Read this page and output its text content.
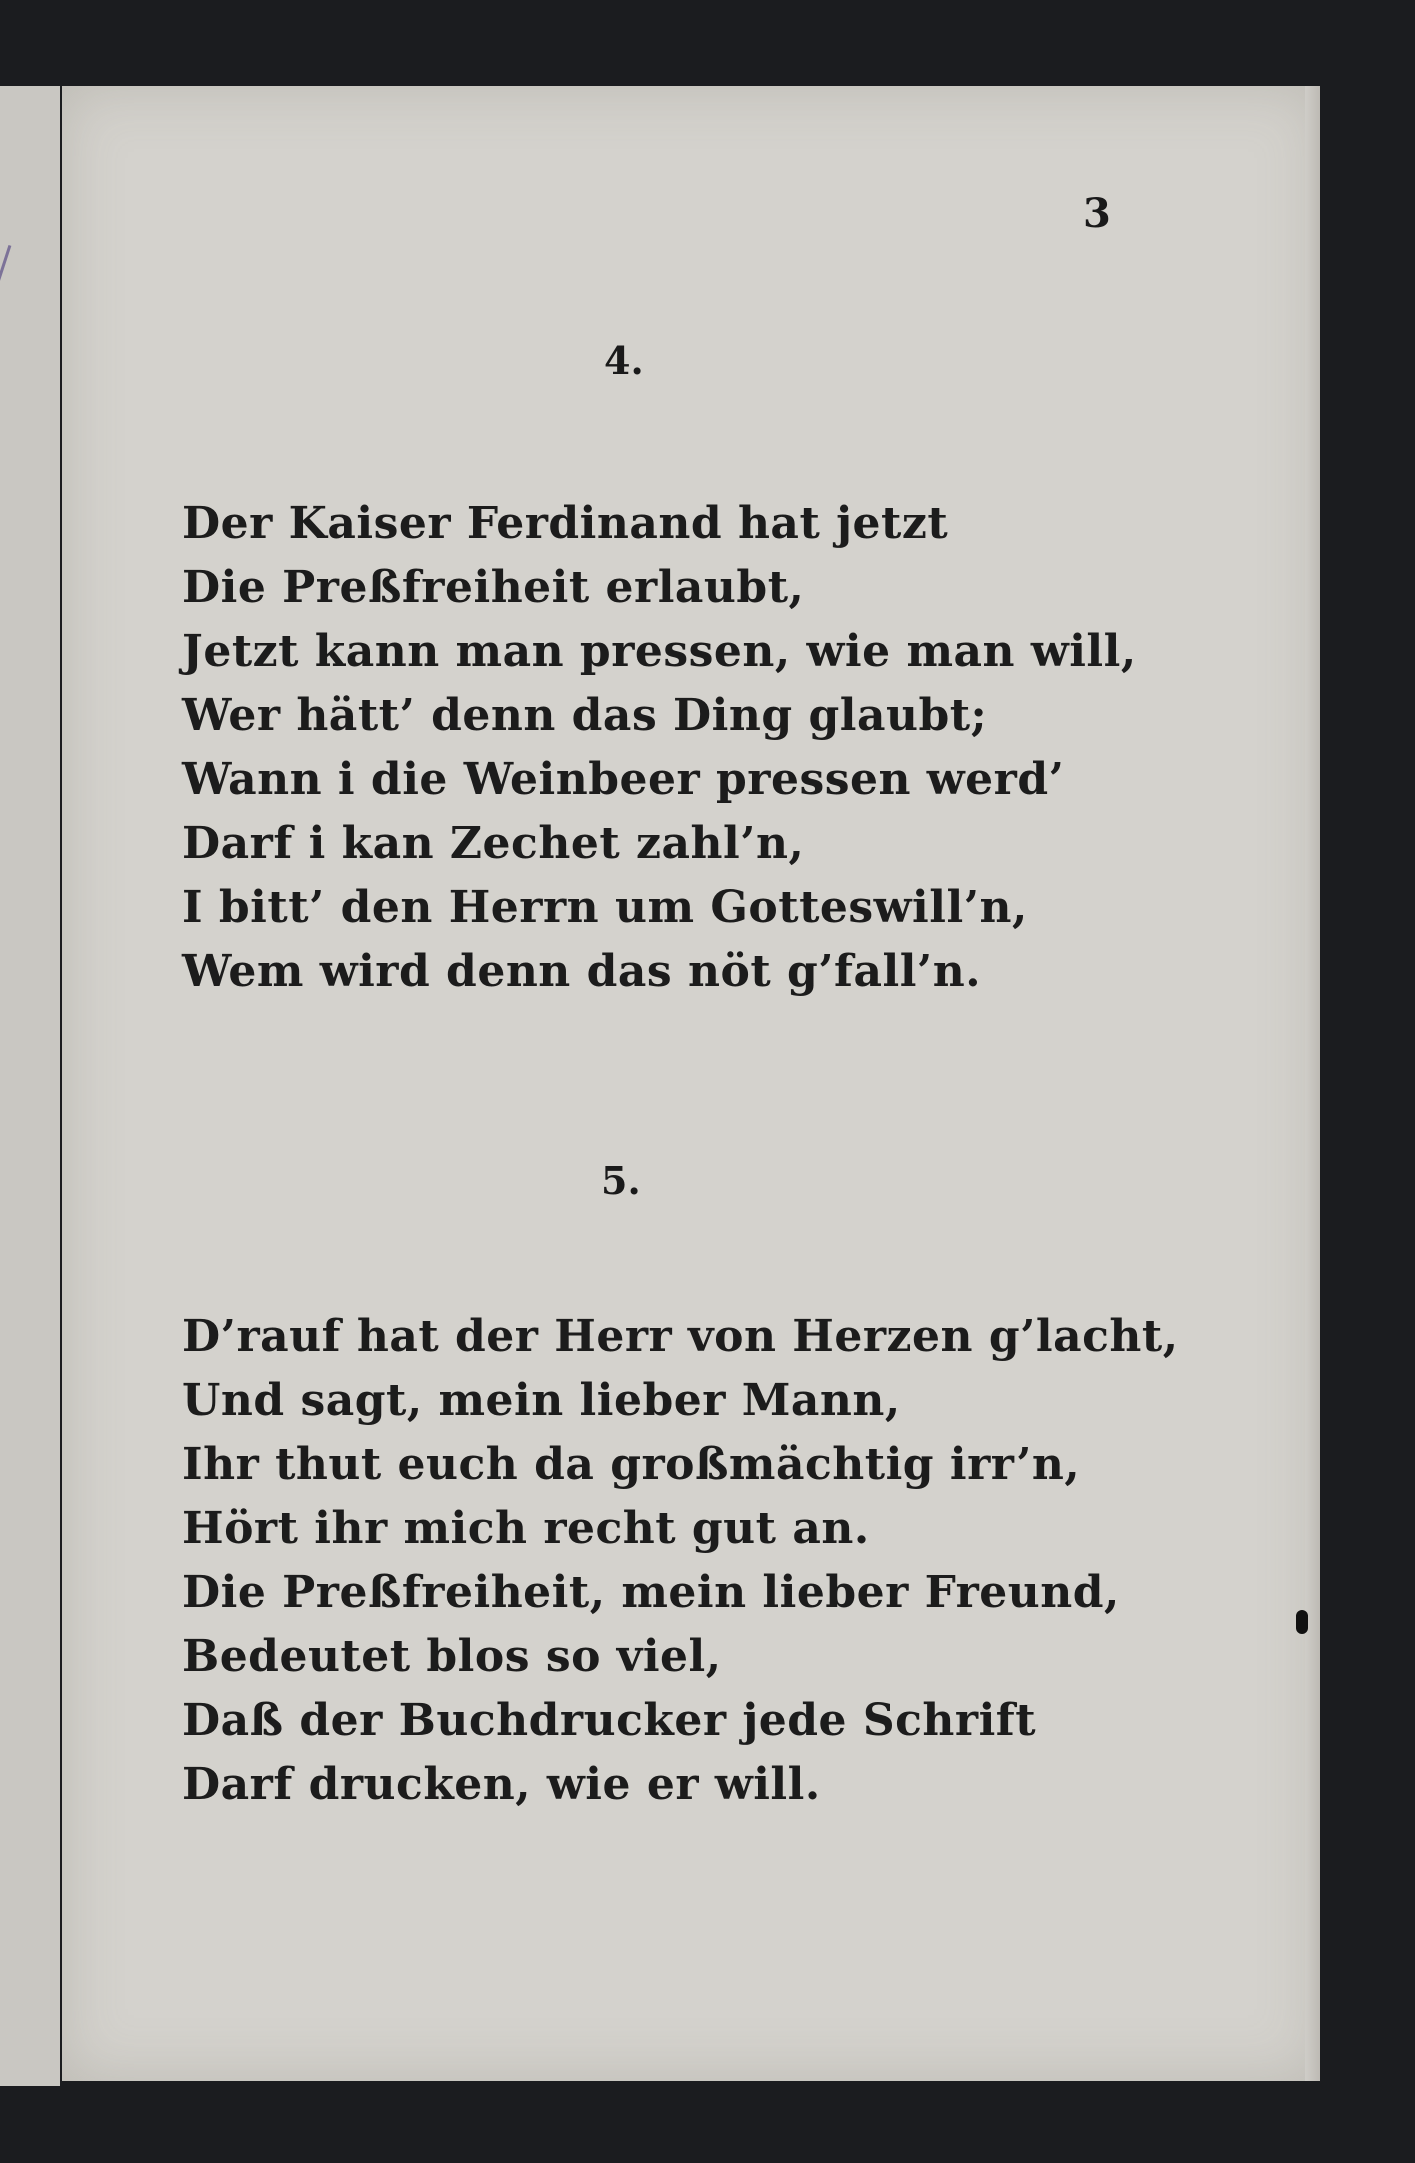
3
4.
Der Kaiser Ferdinand hat jetzt
Die Preßfreiheit erlaubt,
Jetzt kann man pressen, wie man will,
Wer hätt’ denn das Ding glaubt;
Wann i die Weinbeer pressen werd’
Darf i kan Zechet zahl’n,
I bitt’ den Herrn um Gotteswill’n,
Wem wird denn das nöt g’fall’n.
5.
D’rauf hat der Herr von Herzen g’lacht,
Und sagt, mein lieber Mann,
Ihr thut euch da großmächtig irr’n,
Hört ihr mich recht gut an.
Die Preßfreiheit, mein lieber Freund,
Bedeutet blos so viel,
Daß der Buchdrucker jede Schrift
Darf drucken, wie er will.
